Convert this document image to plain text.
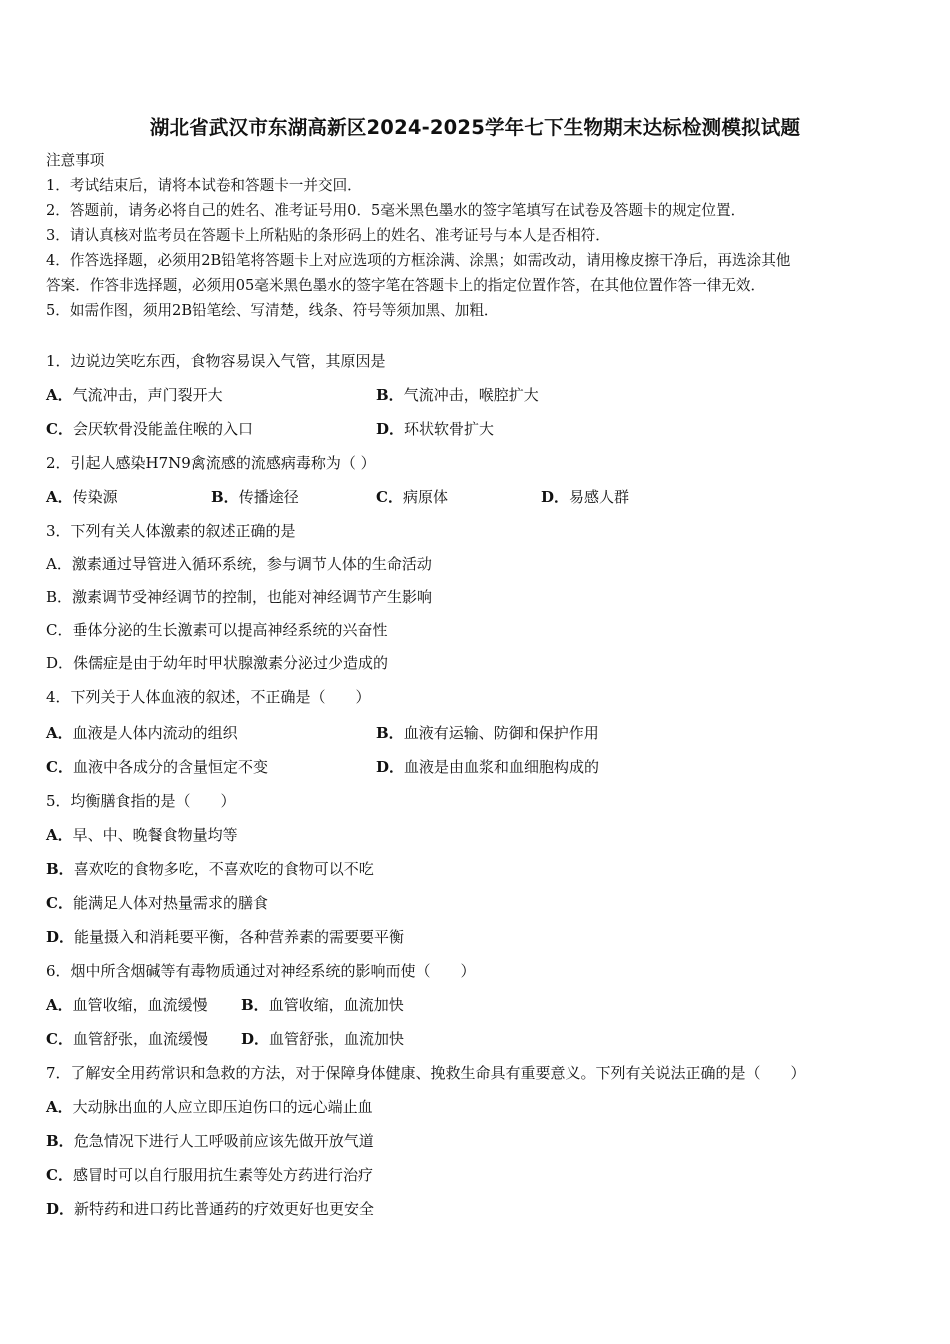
湖北省武汉市东湖高新区2024-2025学年七下生物期末达标检测模拟试题
注意事项
1．考试结束后，请将本试卷和答题卡一并交回．
2．答题前，请务必将自己的姓名、准考证号用0．5毫米黑色墨水的签字笔填写在试卷及答题卡的规定位置．
3．请认真核对监考员在答题卡上所粘贴的条形码上的姓名、准考证号与本人是否相符．
4．作答选择题，必须用2B铅笔将答题卡上对应选项的方框涂满、涂黑；如需改动，请用橡皮擦干净后，再选涂其他
答案．作答非选择题，必须用05毫米黑色墨水的签字笔在答题卡上的指定位置作答，在其他位置作答一律无效．
5．如需作图，须用2B铅笔绘、写清楚，线条、符号等须加黑、加粗．
1．边说边笑吃东西，食物容易误入气管，其原因是
A．气流冲击，声门裂开大	B．气流冲击，喉腔扩大
C．会厌软骨没能盖住喉的入口	D．环状软骨扩大
2．引起人感染H7N9禽流感的流感病毒称为（ ）
A．传染源	B．传播途径	C．病原体	D．易感人群
3．下列有关人体激素的叙述正确的是
A．激素通过导管进入循环系统，参与调节人体的生命活动
B．激素调节受神经调节的控制，也能对神经调节产生影响
C．垂体分泌的生长激素可以提高神经系统的兴奋性
D．侏儒症是由于幼年时甲状腺激素分泌过少造成的
4．下列关于人体血液的叙述，不正确是（　　）
A．血液是人体内流动的组织	B．血液有运输、防御和保护作用
C．血液中各成分的含量恒定不变	D．血液是由血浆和血细胞构成的
5．均衡膳食指的是（　　）
A．早、中、晚餐食物量均等
B．喜欢吃的食物多吃，不喜欢吃的食物可以不吃
C．能满足人体对热量需求的膳食
D．能量摄入和消耗要平衡，各种营养素的需要要平衡
6．烟中所含烟碱等有毒物质通过对神经系统的影响而使（　　）
A．血管收缩，血流缓慢 B．血管收缩，血流加快
C．血管舒张，血流缓慢 D．血管舒张，血流加快
7．了解安全用药常识和急救的方法，对于保障身体健康、挽救生命具有重要意义。下列有关说法正确的是（　　）
A．大动脉出血的人应立即压迫伤口的远心端止血
B．危急情况下进行人工呼吸前应该先做开放气道
C．感冒时可以自行服用抗生素等处方药进行治疗
D．新特药和进口药比普通药的疗效更好也更安全
